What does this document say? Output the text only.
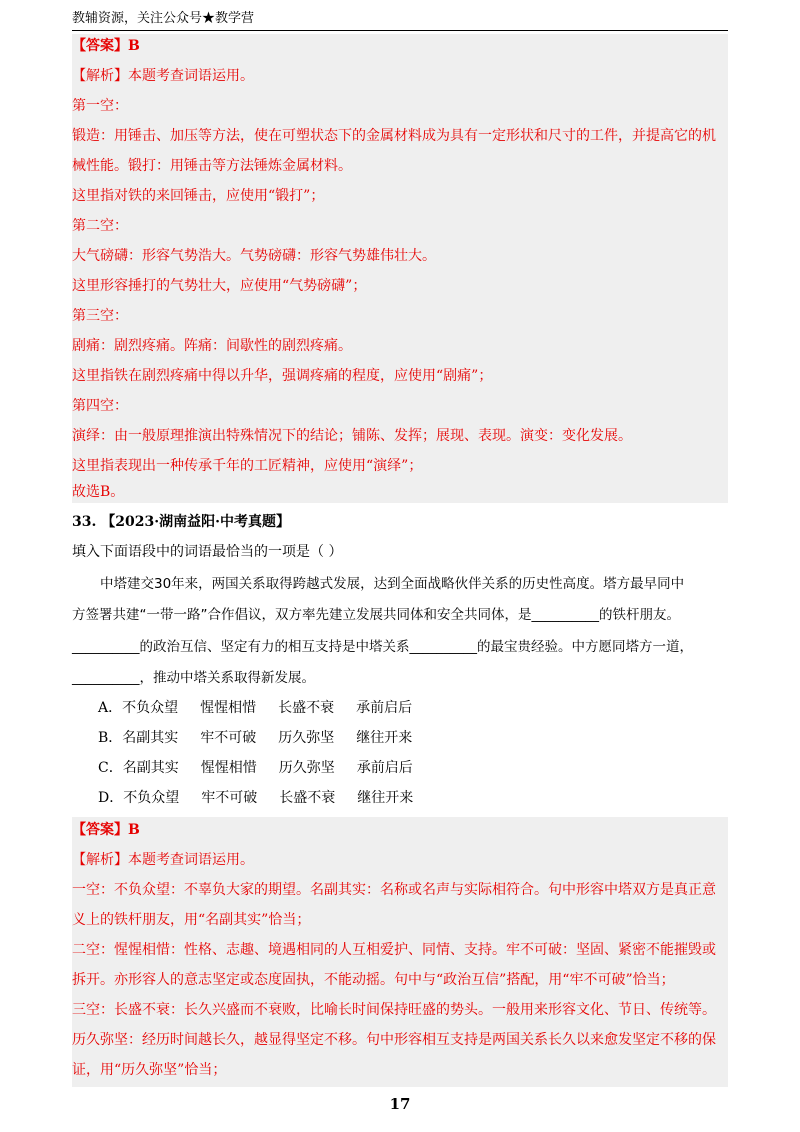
教辅资源，关注公众号★教学营
【答案】B
【解析】本题考查词语运用。
第一空：
锻造：用锤击、加压等方法，使在可塑状态下的金属材料成为具有一定形状和尺寸的工件，并提高它的机
械性能。锻打：用锤击等方法锤炼金属材料。
这里指对铁的来回锤击，应使用“锻打”；
第二空：
大气磅礴：形容气势浩大。气势磅礴：形容气势雄伟壮大。
这里形容捶打的气势壮大，应使用“气势磅礴”；
第三空：
剧痛：剧烈疼痛。阵痛：间歇性的剧烈疼痛。
这里指铁在剧烈疼痛中得以升华，强调疼痛的程度，应使用“剧痛”；
第四空：
演绎：由一般原理推演出特殊情况下的结论；铺陈、发挥；展现、表现。演变：变化发展。
这里指表现出一种传承千年的工匠精神，应使用“演绎”；
故选B。
33. 【2023·湖南益阳·中考真题】
填入下面语段中的词语最恰当的一项是（ ）
中塔建交30年来，两国关系取得跨越式发展，达到全面战略伙伴关系的历史性高度。塔方最早同中
方签署共建“一带一路”合作倡议，双方率先建立发展共同体和安全共同体，是__________的铁杆朋友。
__________的政治互信、坚定有力的相互支持是中塔关系__________的最宝贵经验。中方愿同塔方一道，
__________，推动中塔关系取得新发展。
A．不负众望 惺惺相惜 长盛不衰 承前启后
B．名副其实 牢不可破 历久弥坚 继往开来
C．名副其实 惺惺相惜 历久弥坚 承前启后
D．不负众望 牢不可破 长盛不衰 继往开来
【答案】B
【解析】本题考查词语运用。
一空：不负众望：不辜负大家的期望。名副其实：名称或名声与实际相符合。句中形容中塔双方是真正意
义上的铁杆朋友，用“名副其实”恰当；
二空：惺惺相惜：性格、志趣、境遇相同的人互相爱护、同情、支持。牢不可破：坚固、紧密不能摧毁或
拆开。亦形容人的意志坚定或态度固执，不能动摇。句中与“政治互信”搭配，用“牢不可破”恰当；
三空：长盛不衰：长久兴盛而不衰败，比喻长时间保持旺盛的势头。一般用来形容文化、节日、传统等。
历久弥坚：经历时间越长久，越显得坚定不移。句中形容相互支持是两国关系长久以来愈发坚定不移的保
证，用“历久弥坚”恰当；
17
